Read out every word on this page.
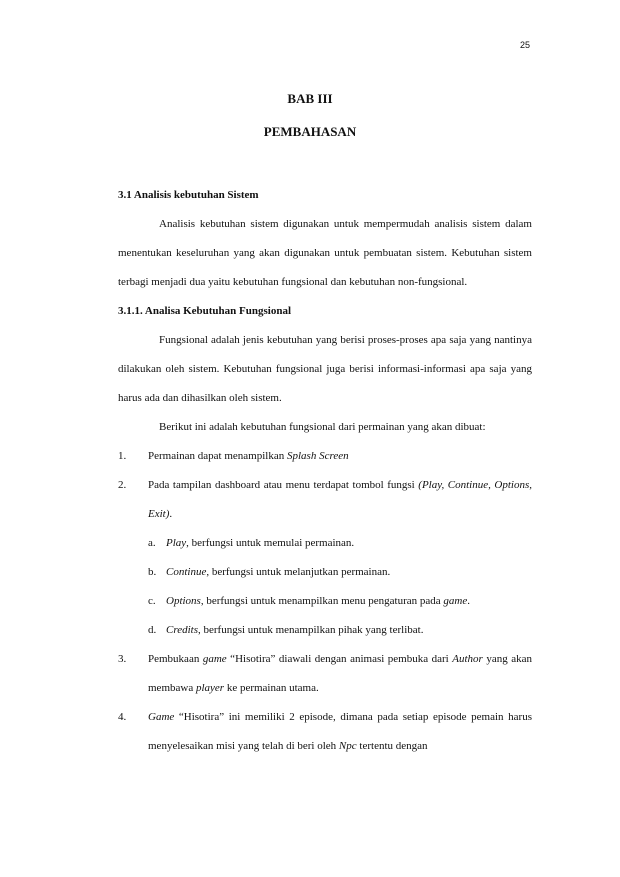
25
BAB III
PEMBAHASAN

3.1 Analisis kebutuhan Sistem

Analisis kebutuhan sistem digunakan untuk mempermudah analisis sistem dalam menentukan keseluruhan yang akan digunakan untuk pembuatan sistem. Kebutuhan sistem terbagi menjadi dua yaitu kebutuhan fungsional dan kebutuhan non-fungsional.

3.1.1. Analisa Kebutuhan Fungsional

Fungsional adalah jenis kebutuhan yang berisi proses-proses apa saja yang nantinya dilakukan oleh sistem. Kebutuhan fungsional juga berisi informasi-informasi apa saja yang harus ada dan dihasilkan oleh sistem.

Berikut ini adalah kebutuhan fungsional dari permainan yang akan dibuat:

1. Permainan dapat menampilkan Splash Screen
2. Pada tampilan dashboard atau menu terdapat tombol fungsi (Play, Continue, Options, Exit).
a. Play, berfungsi untuk memulai permainan.
b. Continue, berfungsi untuk melanjutkan permainan.
c. Options, berfungsi untuk menampilkan menu pengaturan pada game.
d. Credits, berfungsi untuk menampilkan pihak yang terlibat.
3. Pembukaan game “Hisotira” diawali dengan animasi pembuka dari Author yang akan membawa player ke permainan utama.
4. Game “Hisotira” ini memiliki 2 episode, dimana pada setiap episode pemain harus menyelesaikan misi yang telah di beri oleh Npc tertentu dengan
